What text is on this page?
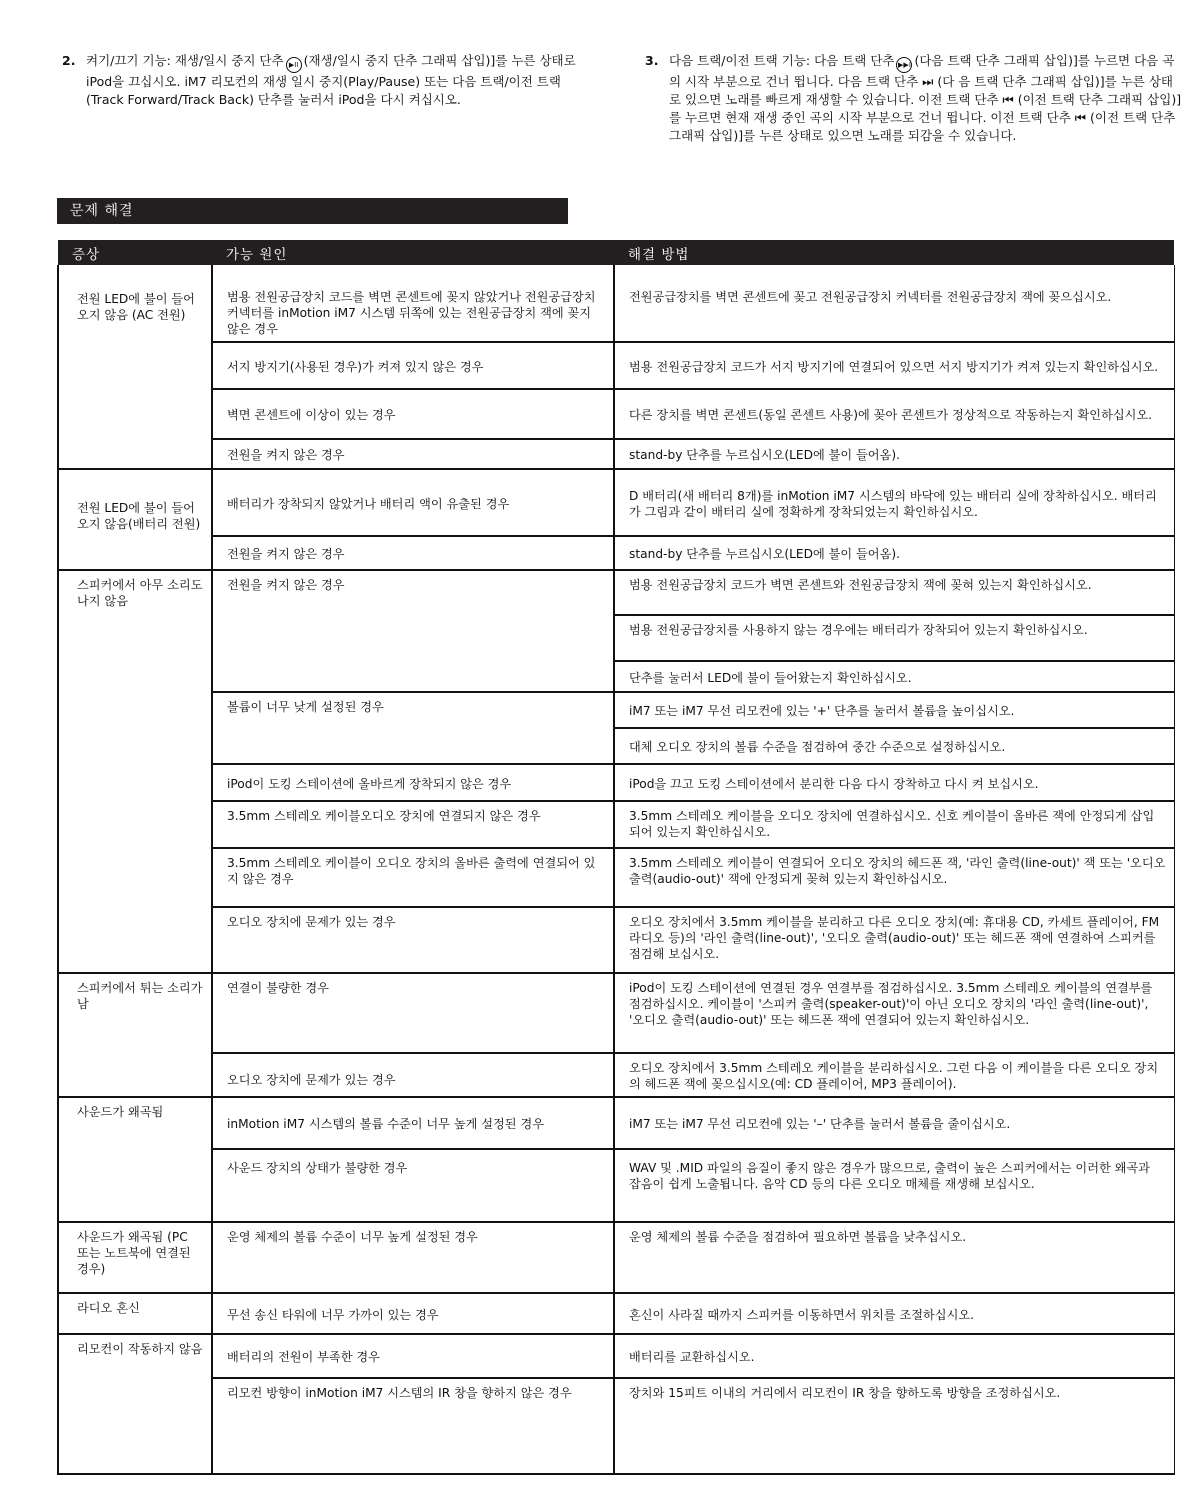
2. 켜기/끄기 기능: 재생/일시 중지 단추 ▶II (재생/일시 중지 단추 그래픽 삽입)]를 누른 상태로 iPod을 끄십시오. iM7 리모컨의 재생 일시 중지(Play/Pause) 또는 다음 트랙/이전 트랙(Track Forward/Track Back) 단추를 눌러서 iPod을 다시 켜십시오.
3. 다음 트랙/이전 트랙 기능: 다음 트랙 단추 ▶▶I (다음 트랙 단추 그래픽 삽입)]를 누르면 다음 곡의 시작 부분으로 건너 뜁니다. 다음 트랙 단추 ⏭ (다 음 트랙 단추 그래픽 삽입)]를 누른 상태로 있으면 노래를 빠르게 재생할 수 있습니다. 이전 트랙 단추 ⏮ (이전 트랙 단추 그래픽 삽입)]를 누르면 현재 재생 중인 곡의 시작 부분으로 건너 뜁니다. 이전 트랙 단추 ⏮ (이전 트랙 단추 그래픽 삽입)]를 누른 상태로 있으면 노래를 되감을 수 있습니다.
문제 해결
증상	가능 원인	해결 방법
전원 LED에 불이 들어오지 않음 (AC 전원)	범용 전원공급장치 코드를 벽면 콘센트에 꽂지 않았거나 전원공급장치 커넥터를 inMotion iM7 시스템 뒤쪽에 있는 전원공급장치 잭에 꽂지 않은 경우	전원공급장치를 벽면 콘센트에 꽂고 전원공급장치 커넥터를 전원공급장치 잭에 꽂으십시오.
	서지 방지기(사용된 경우)가 켜져 있지 않은 경우	범용 전원공급장치 코드가 서지 방지기에 연결되어 있으면 서지 방지기가 켜져 있는지 확인하십시오.
	벽면 콘센트에 이상이 있는 경우	다른 장치를 벽면 콘센트(동일 콘센트 사용)에 꽂아 콘센트가 정상적으로 작동하는지 확인하십시오.
	전원을 켜지 않은 경우	stand-by 단추를 누르십시오(LED에 불이 들어옴).
전원 LED에 불이 들어오지 않음(배터리 전원)	배터리가 장착되지 않았거나 배터리 액이 유출된 경우	D 배터리(새 배터리 8개)를 inMotion iM7 시스템의 바닥에 있는 배터리 실에 장착하십시오. 배터리가 그림과 같이 배터리 실에 정확하게 장착되었는지 확인하십시오.
	전원을 켜지 않은 경우	stand-by 단추를 누르십시오(LED에 불이 들어옴).
스피커에서 아무 소리도 나지 않음	전원을 켜지 않은 경우	범용 전원공급장치 코드가 벽면 콘센트와 전원공급장치 잭에 꽂혀 있는지 확인하십시오.
		범용 전원공급장치를 사용하지 않는 경우에는 배터리가 장착되어 있는지 확인하십시오.
		단추를 눌러서 LED에 불이 들어왔는지 확인하십시오.
	볼륨이 너무 낮게 설정된 경우	iM7 또는 iM7 무선 리모컨에 있는 '+' 단추를 눌러서 볼륨을 높이십시오.
		대체 오디오 장치의 볼륨 수준을 점검하여 중간 수준으로 설정하십시오.
	iPod이 도킹 스테이션에 올바르게 장착되지 않은 경우	iPod을 끄고 도킹 스테이션에서 분리한 다음 다시 장착하고 다시 켜 보십시오.
	3.5mm 스테레오 케이블오디오 장치에 연결되지 않은 경우	3.5mm 스테레오 케이블을 오디오 장치에 연결하십시오. 신호 케이블이 올바른 잭에 안정되게 삽입되어 있는지 확인하십시오.
	3.5mm 스테레오 케이블이 오디오 장치의 올바른 출력에 연결되어 있지 않은 경우	3.5mm 스테레오 케이블이 연결되어 오디오 장치의 헤드폰 잭, '라인 출력(line-out)' 잭 또는 '오디오 출력(audio-out)' 잭에 안정되게 꽂혀 있는지 확인하십시오.
	오디오 장치에 문제가 있는 경우	오디오 장치에서 3.5mm 케이블을 분리하고 다른 오디오 장치(예: 휴대용 CD, 카세트 플레이어, FM 라디오 등)의 '라인 출력(line-out)', '오디오 출력(audio-out)' 또는 헤드폰 잭에 연결하여 스피커를 점검해 보십시오.
스피커에서 튀는 소리가 남	연결이 불량한 경우	iPod이 도킹 스테이션에 연결된 경우 연결부를 점검하십시오. 3.5mm 스테레오 케이블의 연결부를 점검하십시오. 케이블이 '스피커 출력(speaker-out)'이 아닌 오디오 장치의 '라인 출력(line-out)', '오디오 출력(audio-out)' 또는 헤드폰 잭에 연결되어 있는지 확인하십시오.
	오디오 장치에 문제가 있는 경우	오디오 장치에서 3.5mm 스테레오 케이블을 분리하십시오. 그런 다음 이 케이블을 다른 오디오 장치의 헤드폰 잭에 꽂으십시오(예: CD 플레이어, MP3 플레이어).
사운드가 왜곡됨	inMotion iM7 시스템의 볼륨 수준이 너무 높게 설정된 경우	iM7 또는 iM7 무선 리모컨에 있는 '–' 단추를 눌러서 볼륨을 줄이십시오.
	사운드 장치의 상태가 불량한 경우	WAV 및 .MID 파일의 음질이 좋지 않은 경우가 많으므로, 출력이 높은 스피커에서는 이러한 왜곡과 잡음이 쉽게 노출됩니다. 음악 CD 등의 다른 오디오 매체를 재생해 보십시오.
사운드가 왜곡됨 (PC 또는 노트북에 연결된 경우)	운영 체제의 볼륨 수준이 너무 높게 설정된 경우	운영 체제의 볼륨 수준을 점검하여 필요하면 볼륨을 낮추십시오.
라디오 혼신	무선 송신 타워에 너무 가까이 있는 경우	혼신이 사라질 때까지 스피커를 이동하면서 위치를 조절하십시오.
리모컨이 작동하지 않음	배터리의 전원이 부족한 경우	배터리를 교환하십시오.
	리모컨 방향이 inMotion iM7 시스템의 IR 창을 향하지 않은 경우	장치와 15피트 이내의 거리에서 리모컨이 IR 창을 향하도록 방향을 조정하십시오.
